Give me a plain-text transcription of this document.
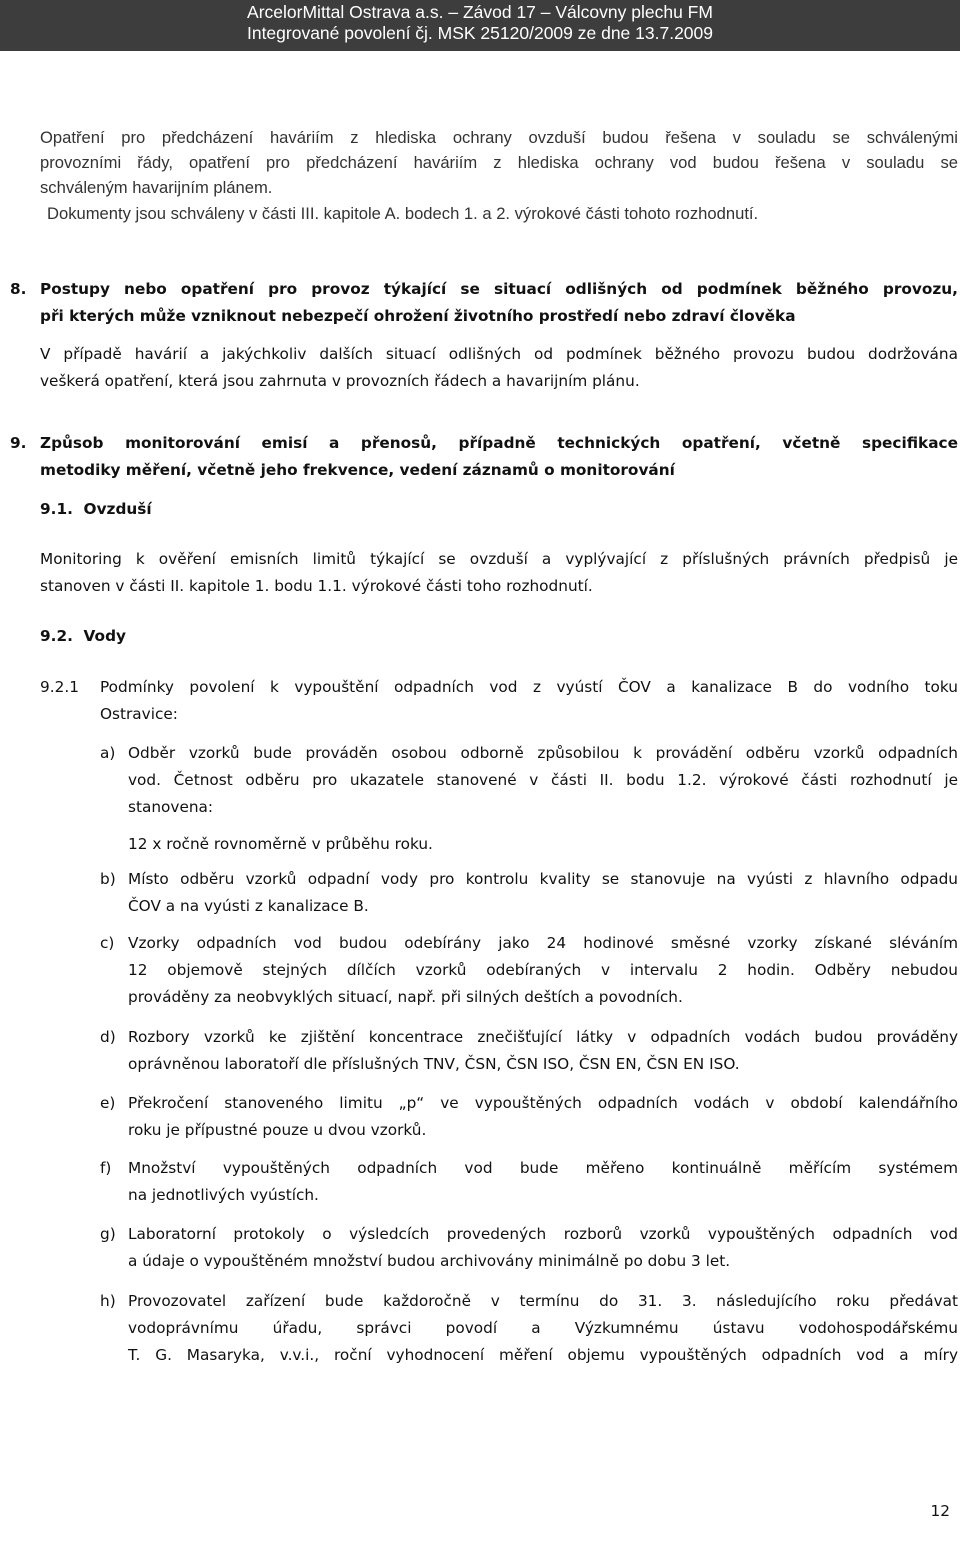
ArcelorMittal Ostrava a.s. – Závod 17 – Válcovny plechu FM
Integrované povolení čj. MSK 25120/2009 ze dne 13.7.2009
Opatření pro předcházení haváriím z hlediska ochrany ovzduší budou řešena v souladu se schválenými
provozními řády, opatření pro předcházení haváriím z hlediska ochrany vod budou řešena v souladu se
schváleným havarijním plánem.
Dokumenty jsou schváleny v části III. kapitole A. bodech 1. a 2. výrokové části tohoto rozhodnutí.
8. Postupy nebo opatření pro provoz týkající se situací odlišných od podmínek běžného provozu,
při kterých může vzniknout nebezpečí ohrožení životního prostředí nebo zdraví člověka
V případě havárií a jakýchkoliv dalších situací odlišných od podmínek běžného provozu budou dodržována
veškerá opatření, která jsou zahrnuta v provozních řádech a havarijním plánu.
9. Způsob monitorování emisí a přenosů, případně technických opatření, včetně specifikace
metodiky měření, včetně jeho frekvence, vedení záznamů o monitorování
9.1.  Ovzduší
Monitoring k ověření emisních limitů týkající se ovzduší a vyplývající z příslušných právních předpisů je
stanoven v části II. kapitole 1. bodu 1.1. výrokové části toho rozhodnutí.
9.2.  Vody
9.2.1 Podmínky povolení k vypouštění odpadních vod z vyústí ČOV a kanalizace B do vodního toku
Ostravice:
a) Odběr vzorků bude prováděn osobou odborně způsobilou k provádění odběru vzorků odpadních
vod. Četnost odběru pro ukazatele stanovené v části II. bodu 1.2. výrokové části rozhodnutí je
stanovena:
12 x ročně rovnoměrně v průběhu roku.
b) Místo odběru vzorků odpadní vody pro kontrolu kvality se stanovuje na vyústi z hlavního odpadu
ČOV a na vyústi z kanalizace B.
c) Vzorky odpadních vod budou odebírány jako 24 hodinové směsné vzorky získané sléváním
12 objemově stejných dílčích vzorků odebíraných v intervalu 2 hodin. Odběry nebudou
prováděny za neobvyklých situací, např. při silných deštích a povodních.
d) Rozbory vzorků ke zjištění koncentrace znečišťující látky v odpadních vodách budou prováděny
oprávněnou laboratoří dle příslušných TNV, ČSN, ČSN ISO, ČSN EN, ČSN EN ISO.
e) Překročení stanoveného limitu „p“ ve vypouštěných odpadních vodách v období kalendářního
roku je přípustné pouze u dvou vzorků.
f) Množství vypouštěných odpadních vod bude měřeno kontinuálně měřícím systémem
na jednotlivých vyústích.
g) Laboratorní protokoly o výsledcích provedených rozborů vzorků vypouštěných odpadních vod
a údaje o vypouštěném množství budou archivovány minimálně po dobu 3 let.
h) Provozovatel zařízení bude každoročně v termínu do 31. 3. následujícího roku předávat
vodoprávnímu úřadu, správci povodí a Výzkumnému ústavu vodohospodářskému
T. G. Masaryka, v.v.i., roční vyhodnocení měření objemu vypouštěných odpadních vod a míry
12
